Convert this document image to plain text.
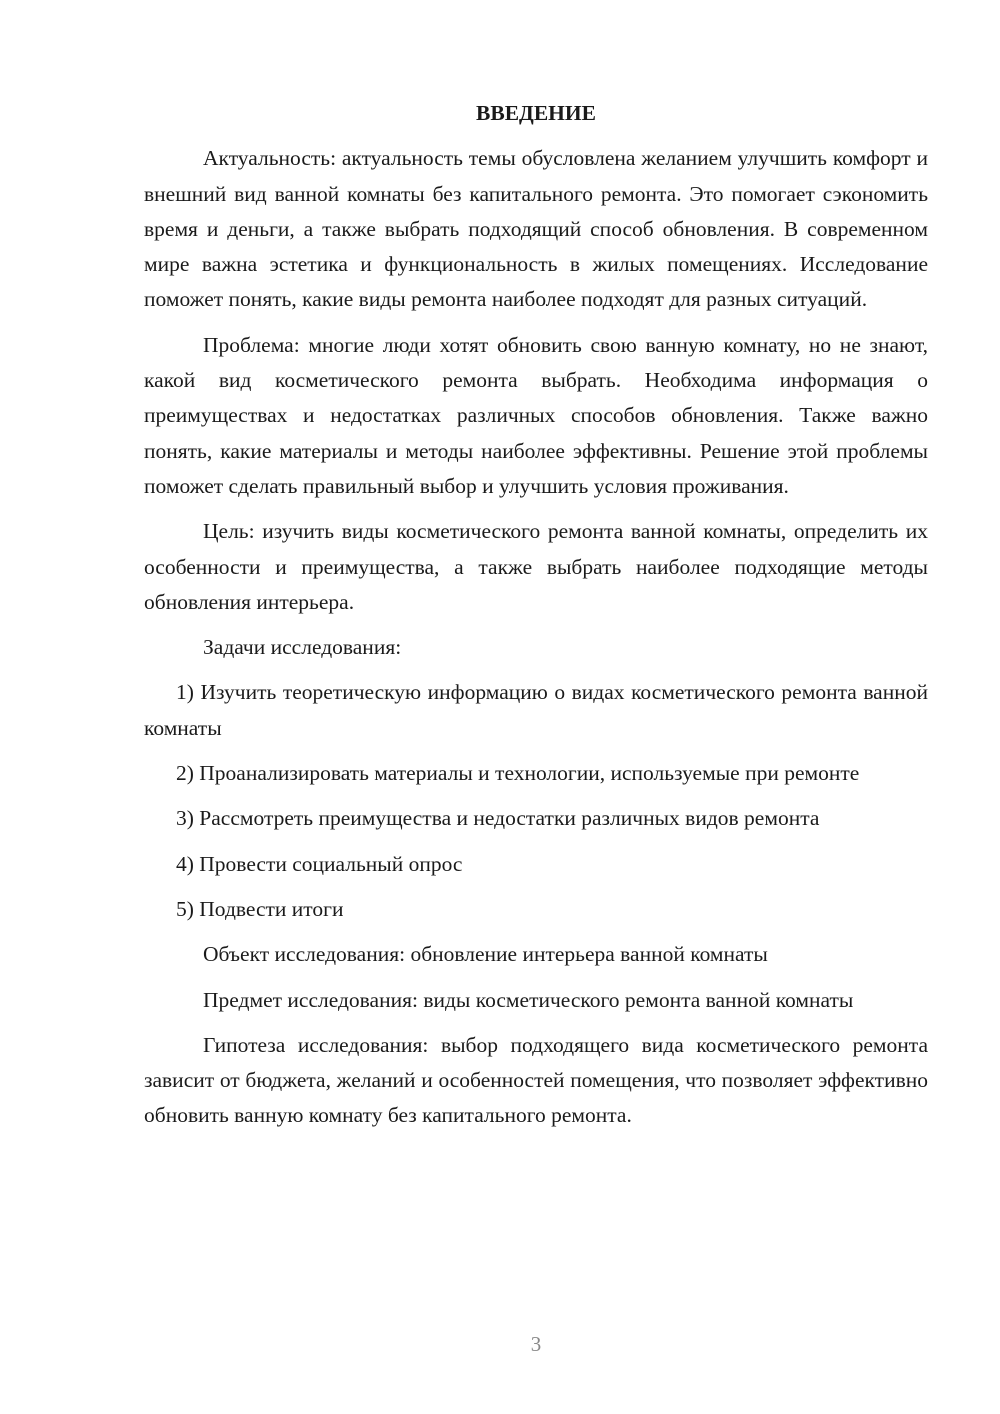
ВВЕДЕНИЕ

Актуальность: актуальность темы обусловлена желанием улучшить комфорт и внешний вид ванной комнаты без капитального ремонта. Это помогает сэкономить время и деньги, а также выбрать подходящий способ обновления. В современном мире важна эстетика и функциональность в жилых помещениях. Исследование поможет понять, какие виды ремонта наиболее подходят для разных ситуаций.

Проблема: многие люди хотят обновить свою ванную комнату, но не знают, какой вид косметического ремонта выбрать. Необходима информация о преимуществах и недостатках различных способов обновления. Также важно понять, какие материалы и методы наиболее эффективны. Решение этой проблемы поможет сделать правильный выбор и улучшить условия проживания.

Цель: изучить виды косметического ремонта ванной комнаты, определить их особенности и преимущества, а также выбрать наиболее подходящие методы обновления интерьера.

Задачи исследования:

1) Изучить теоретическую информацию о видах косметического ремонта ванной комнаты

2) Проанализировать материалы и технологии, используемые при ремонте

3) Рассмотреть преимущества и недостатки различных видов ремонта

4) Провести социальный опрос

5) Подвести итоги

Объект исследования: обновление интерьера ванной комнаты

Предмет исследования: виды косметического ремонта ванной комнаты

Гипотеза исследования: выбор подходящего вида косметического ремонта зависит от бюджета, желаний и особенностей помещения, что позволяет эффективно обновить ванную комнату без капитального ремонта.

3
